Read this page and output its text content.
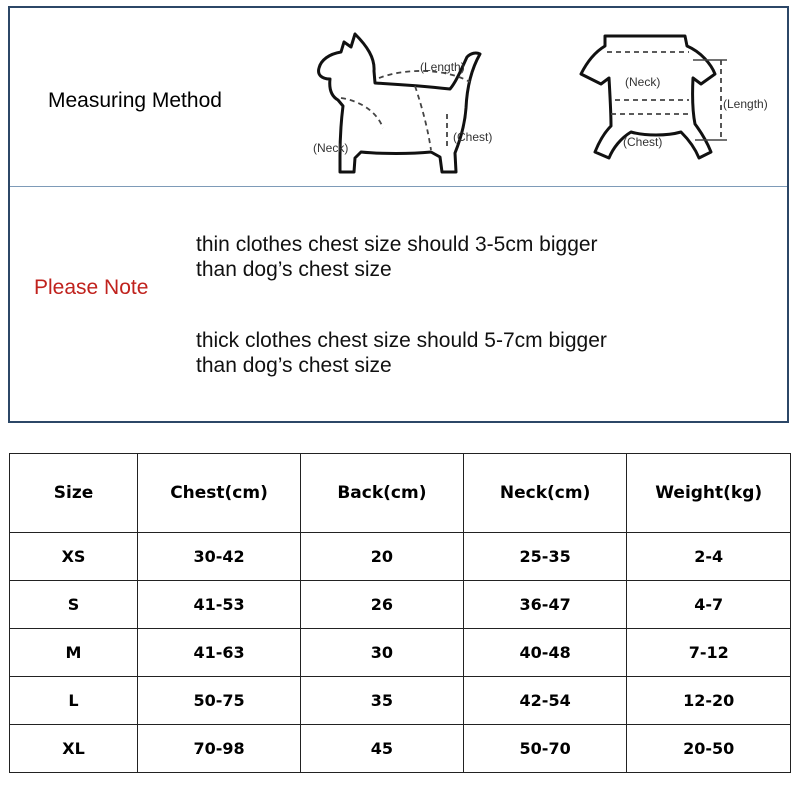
Measuring Method
(Length)
(Neck)
(Chest)
(Neck)
(Length)
(Chest)
Please Note
thin clothes chest size should 3-5cm bigger
than dog’s chest size
thick clothes chest size should 5-7cm bigger
than dog’s chest size
Size	Chest(cm)	Back(cm)	Neck(cm)	Weight(kg)
XS	30-42	20	25-35	2-4
S	41-53	26	36-47	4-7
M	41-63	30	40-48	7-12
L	50-75	35	42-54	12-20
XL	70-98	45	50-70	20-50
